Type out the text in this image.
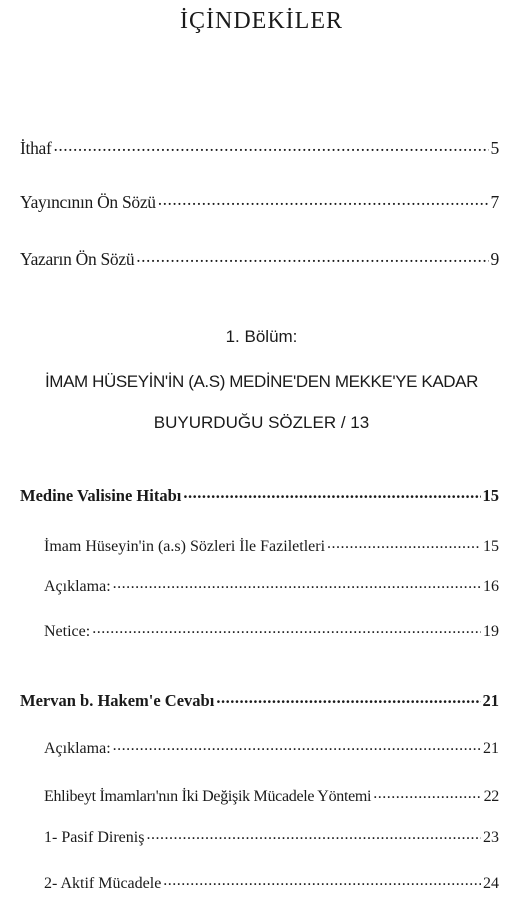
İÇİNDEKİLER
İthaf .....	5
Yayıncının Ön Sözü .....	7
Yazarın Ön Sözü .....	9
1. Bölüm:
İMAM HÜSEYİN'İN (A.S) MEDİNE'DEN MEKKE'YE KADAR
BUYURDUĞU SÖZLER / 13
Medine Valisine Hitabı .....	15
İmam Hüseyin'in (a.s) Sözleri İle Faziletleri .....	15
Açıklama: .....	16
Netice: .....	19
Mervan b. Hakem'e Cevabı .....	21
Açıklama: .....	21
Ehlibeyt İmamları'nın İki Değişik Mücadele Yöntemi .....	22
1- Pasif Direniş .....	23
2- Aktif Mücadele .....	24
